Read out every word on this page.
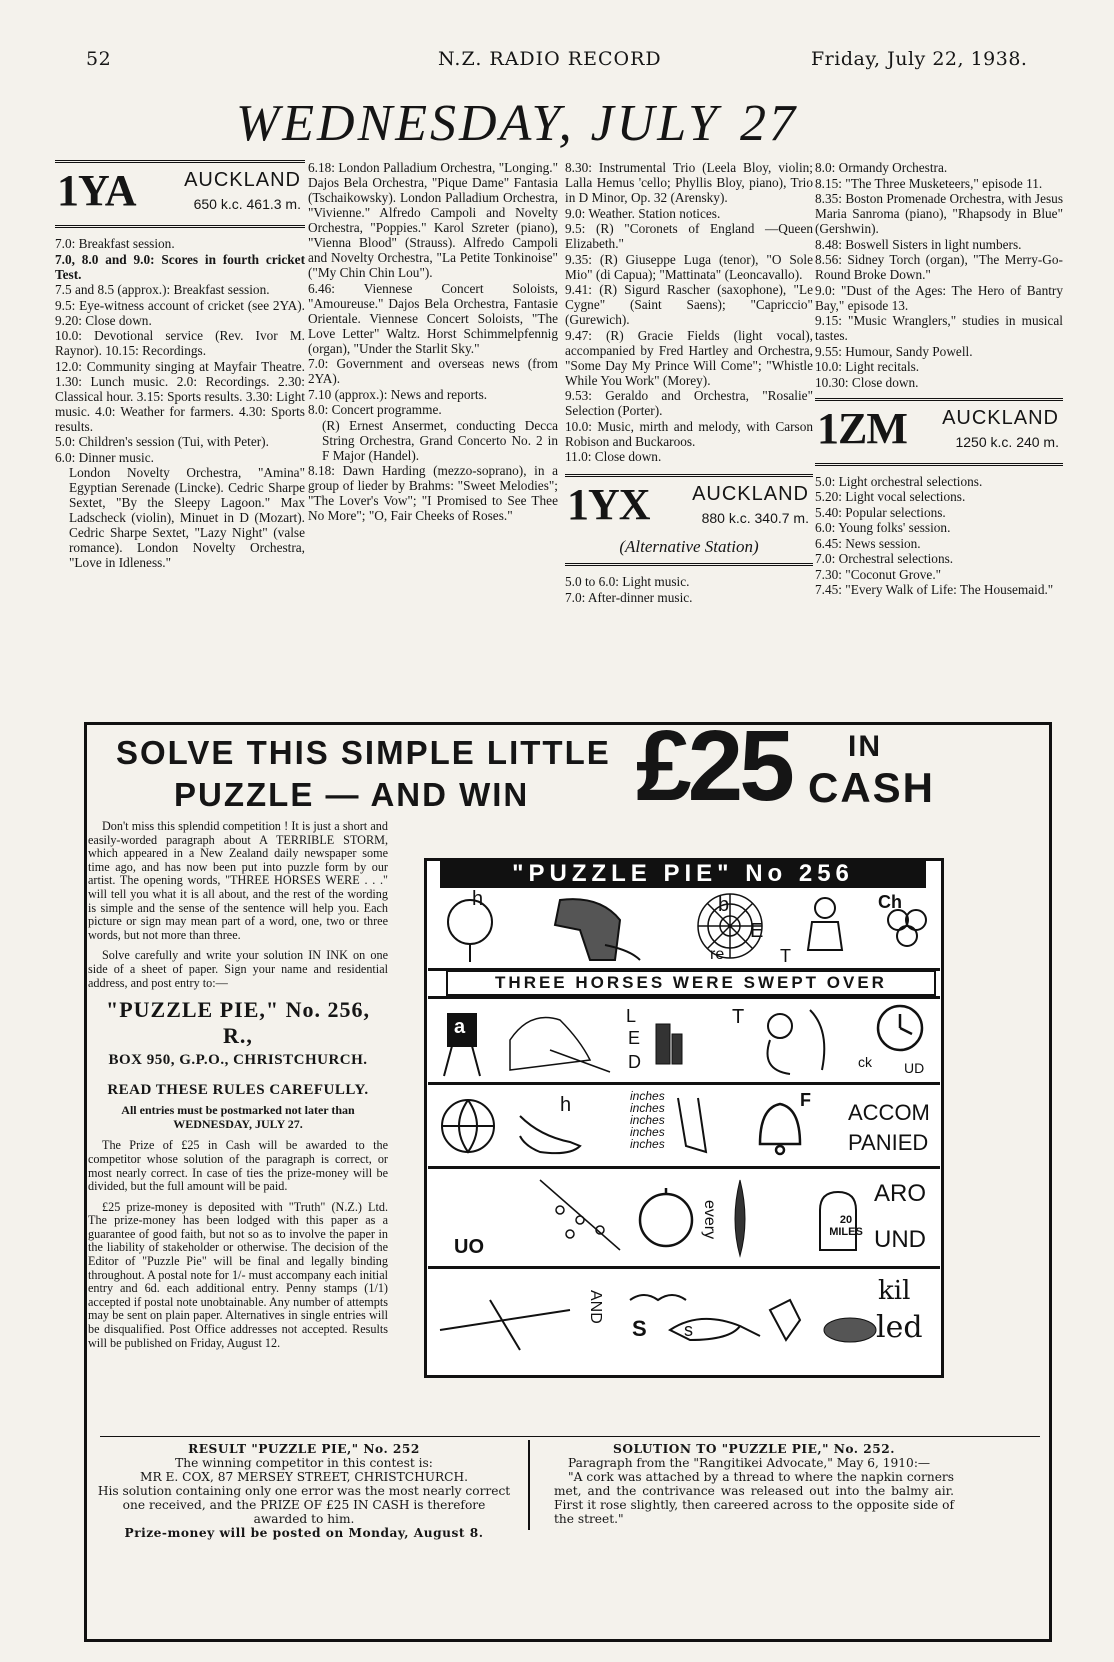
52	N.Z. RADIO RECORD	Friday, July 22, 1938.
WEDNESDAY, JULY 27
1YA AUCKLAND
650 k.c. 461.3 m.

7.0: Breakfast session.

7.0, 8.0 and 9.0: Scores in fourth cricket Test.

7.5 and 8.5 (approx.): Breakfast session.

9.5: Eye-witness account of cricket (see 2YA). 9.20: Close down.

10.0: Devotional service (Rev. Ivor M. Raynor). 10.15: Recordings.

12.0: Community singing at Mayfair Theatre. 1.30: Lunch music. 2.0: Recordings. 2.30: Classical hour. 3.15: Sports results. 3.30: Light music. 4.0: Weather for farmers. 4.30: Sports results.

5.0: Children's session (Tui, with Peter).

6.0: Dinner music.

London Novelty Orchestra, "Amina" Egyptian Serenade (Lincke). Cedric Sharpe Sextet, "By the Sleepy Lagoon." Max Ladscheck (violin), Minuet in D (Mozart). Cedric Sharpe Sextet, "Lazy Night" (valse romance). London Novelty Orchestra, "Love in Idleness."

6.18: London Palladium Orchestra, "Longing." Dajos Bela Orchestra, "Pique Dame" Fantasia (Tschaikowsky). London Palladium Orchestra, "Vivienne." Alfredo Campoli and Novelty Orchestra, "Poppies." Karol Szreter (piano), "Vienna Blood" (Strauss). Alfredo Campoli and Novelty Orchestra, "La Petite Tonkinoise" ("My Chin Chin Lou").

6.46: Viennese Concert Soloists, "Amoureuse." Dajos Bela Orchestra, Fantasie Orientale. Viennese Concert Soloists, "The Love Letter" Waltz. Horst Schimmelpfennig (organ), "Under the Starlit Sky."

7.0: Government and overseas news (from 2YA).

7.10 (approx.): News and reports.

8.0: Concert programme.

(R) Ernest Ansermet, conducting Decca String Orchestra, Grand Concerto No. 2 in F Major (Handel).

8.18: Dawn Harding (mezzo-soprano), in a group of lieder by Brahms: "Sweet Melodies"; "The Lover's Vow"; "I Promised to See Thee No More"; "O, Fair Cheeks of Roses."

8.30: Instrumental Trio (Leela Bloy, violin; Lalla Hemus 'cello; Phyllis Bloy, piano), Trio in D Minor, Op. 32 (Arensky).

9.0: Weather. Station notices.

9.5: (R) "Coronets of England —Queen Elizabeth."

9.35: (R) Giuseppe Luga (tenor), "O Sole Mio" (di Capua); "Mattinata" (Leoncavallo).

9.41: (R) Sigurd Rascher (saxophone), "Le Cygne" (Saint Saens); "Capriccio" (Gurewich).

9.47: (R) Gracie Fields (light vocal), accompanied by Fred Hartley and Orchestra, "Some Day My Prince Will Come"; "Whistle While You Work" (Morey).

9.53: Geraldo and Orchestra, "Rosalie" Selection (Porter).

10.0: Music, mirth and melody, with Carson Robison and Buckaroos.

11.0: Close down.

1YX AUCKLAND
880 k.c. 340.7 m.
(Alternative Station)

5.0 to 6.0: Light music.

7.0: After-dinner music.

8.0: Ormandy Orchestra.

8.15: "The Three Musketeers," episode 11.

8.35: Boston Promenade Orchestra, with Jesus Maria Sanroma (piano), "Rhapsody in Blue" (Gershwin).

8.48: Boswell Sisters in light numbers.

8.56: Sidney Torch (organ), "The Merry-Go-Round Broke Down."

9.0: "Dust of the Ages: The Hero of Bantry Bay," episode 13.

9.15: "Music Wranglers," studies in musical tastes.

9.55: Humour, Sandy Powell.

10.0: Light recitals.

10.30: Close down.

1ZM AUCKLAND
1250 k.c. 240 m.

5.0: Light orchestral selections.

5.20: Light vocal selections.

5.40: Popular selections.

6.0: Young folks' session.

6.45: News session.

7.0: Orchestral selections.

7.30: "Coconut Grove."

7.45: "Every Walk of Life: The Housemaid."

SOLVE THIS SIMPLE LITTLE
PUZZLE — AND WIN £25 IN
CASH

Don't miss this splendid competition ! It is just a short and easily-worded paragraph about A TERRIBLE STORM, which appeared in a New Zealand daily newspaper some time ago, and has now been put into puzzle form by our artist. The opening words, "THREE HORSES WERE . . ." will tell you what it is all about, and the rest of the wording is simple and the sense of the sentence will help you. Each picture or sign may mean part of a word, one, two or three words, but not more than three.

Solve carefully and write your solution IN INK on one side of a sheet of paper. Sign your name and residential address, and post entry to:—

"PUZZLE PIE," No. 256, R.,

BOX 950, G.P.O., CHRISTCHURCH.

READ THESE RULES CAREFULLY.

All entries must be postmarked not later than WEDNESDAY, JULY 27.

The Prize of £25 in Cash will be awarded to the competitor whose solution of the paragraph is correct, or most nearly correct. In case of ties the prize-money will be divided, but the full amount will be paid.

£25 prize-money is deposited with "Truth" (N.Z.) Ltd. The prize-money has been lodged with this paper as a guarantee of good faith, but not so as to involve the paper in the liability of stakeholder or otherwise. The decision of the Editor of "Puzzle Pie" will be final and legally binding throughout. A postal note for 1/- must accompany each initial entry and 6d. each additional entry. Penny stamps (1/1) accepted if postal note unobtainable. Any number of attempts may be sent on plain paper. Alternatives in single entries will be disqualified. Post Office addresses not accepted. Results will be published on Friday, August 12.

"PUZZLE PIE" No 256
THREE HORSES WERE SWEPT OVER
h	b
E
re	T
Ch
a	L
E
D
T
ck UD
h	inches
inches
inches
inches
inches
F ACCOM
PANIED
UO
every	20 MILES
ARO
UND
AND
S s
kil
led
RESULT "PUZZLE PIE," No. 252
The winning competitor in this contest is:
MR E. COX, 87 MERSEY STREET, CHRISTCHURCH.
His solution containing only one error was the most nearly correct one received, and the PRIZE OF £25 IN CASH is therefore awarded to him.
Prize-money will be posted on Monday, August 8.
SOLUTION TO "PUZZLE PIE," No. 252.
Paragraph from the "Rangitikei Advocate," May 6, 1910:—
"A cork was attached by a thread to where the napkin corners met, and the contrivance was released out into the balmy air. First it rose slightly, then careered across to the opposite side of the street."
